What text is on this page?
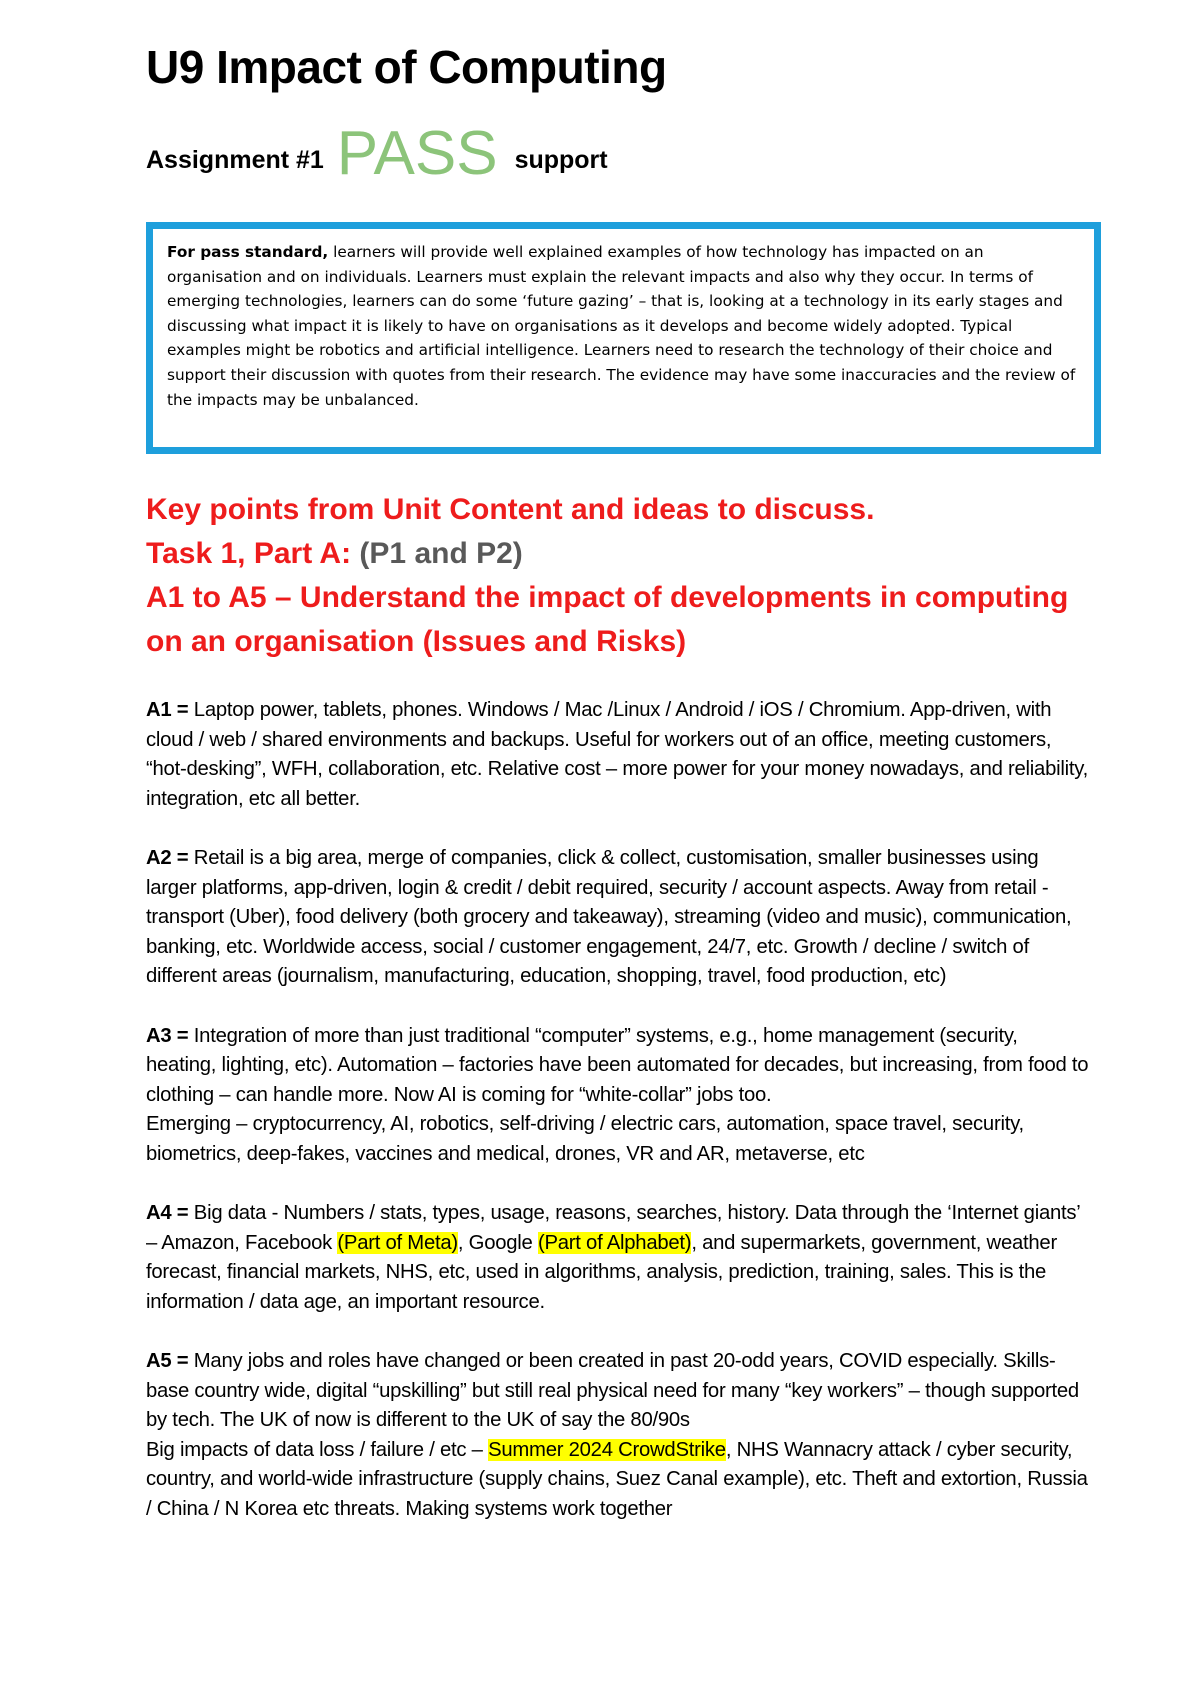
U9 Impact of Computing
Assignment #1 PASS support
For pass standard, learners will provide well explained examples of how technology has impacted on an organisation and on individuals. Learners must explain the relevant impacts and also why they occur. In terms of emerging technologies, learners can do some ‘future gazing’ – that is, looking at a technology in its early stages and discussing what impact it is likely to have on organisations as it develops and become widely adopted. Typical examples might be robotics and artificial intelligence. Learners need to research the technology of their choice and support their discussion with quotes from their research. The evidence may have some inaccuracies and the review of the impacts may be unbalanced.
Key points from Unit Content and ideas to discuss.
Task 1, Part A: (P1 and P2)
A1 to A5 – Understand the impact of developments in computing on an organisation (Issues and Risks)

A1 = Laptop power, tablets, phones. Windows / Mac /Linux / Android / iOS / Chromium. App-driven, with cloud / web / shared environments and backups. Useful for workers out of an office, meeting customers, “hot-desking”, WFH, collaboration, etc. Relative cost – more power for your money nowadays, and reliability, integration, etc all better.

A2 = Retail is a big area, merge of companies, click & collect, customisation, smaller businesses using larger platforms, app-driven, login & credit / debit required, security / account aspects. Away from retail - transport (Uber), food delivery (both grocery and takeaway), streaming (video and music), communication, banking, etc. Worldwide access, social / customer engagement, 24/7, etc. Growth / decline / switch of different areas (journalism, manufacturing, education, shopping, travel, food production, etc)

A3 = Integration of more than just traditional “computer” systems, e.g., home management (security, heating, lighting, etc). Automation – factories have been automated for decades, but increasing, from food to clothing – can handle more. Now AI is coming for “white-collar” jobs too.
Emerging – cryptocurrency, AI, robotics, self-driving / electric cars, automation, space travel, security, biometrics, deep-fakes, vaccines and medical, drones, VR and AR, metaverse, etc

A4 = Big data - Numbers / stats, types, usage, reasons, searches, history. Data through the ‘Internet giants’ – Amazon, Facebook (Part of Meta), Google (Part of Alphabet), and supermarkets, government, weather forecast, financial markets, NHS, etc, used in algorithms, analysis, prediction, training, sales. This is the information / data age, an important resource.

A5 = Many jobs and roles have changed or been created in past 20-odd years, COVID especially. Skills-base country wide, digital “upskilling” but still real physical need for many “key workers” – though supported by tech. The UK of now is different to the UK of say the 80/90s
Big impacts of data loss / failure / etc – Summer 2024 CrowdStrike, NHS Wannacry attack / cyber security, country, and world-wide infrastructure (supply chains, Suez Canal example), etc. Theft and extortion, Russia / China / N Korea etc threats. Making systems work together
